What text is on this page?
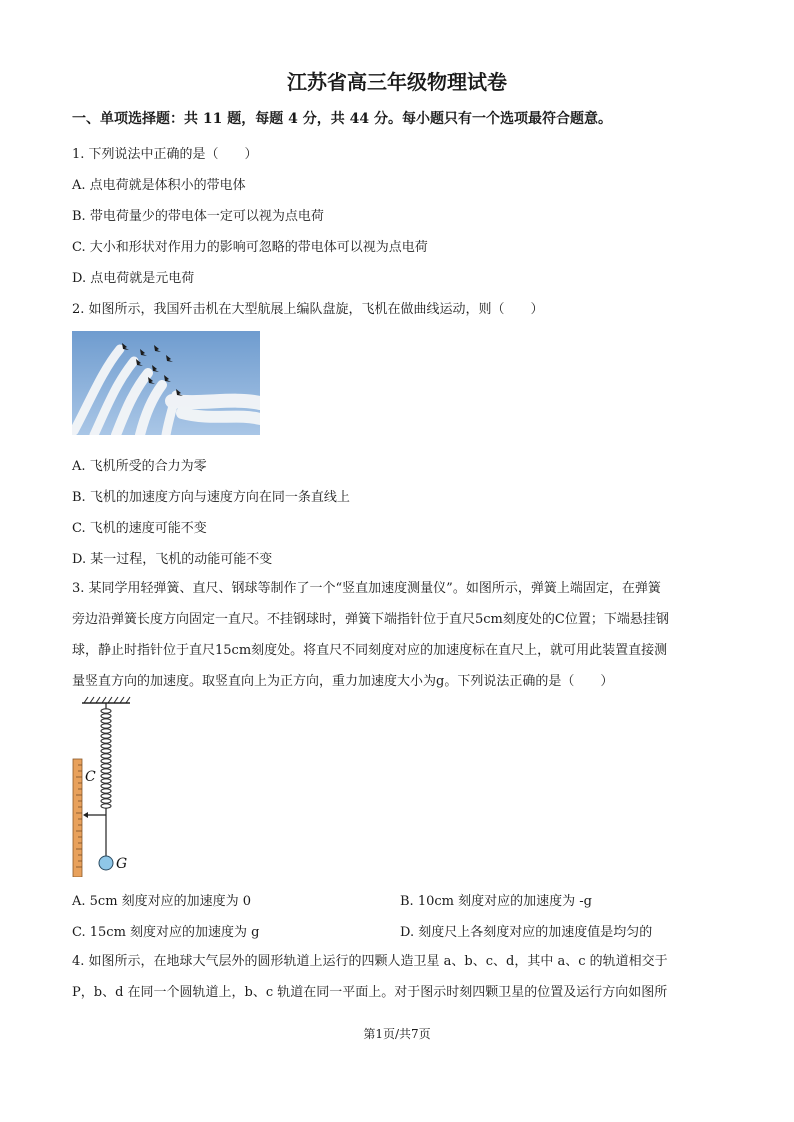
江苏省高三年级物理试卷
一、单项选择题：共 11 题，每题 4 分，共 44 分。每小题只有一个选项最符合题意。
1. 下列说法中正确的是（　　）
A. 点电荷就是体积小的带电体
B. 带电荷量少的带电体一定可以视为点电荷
C. 大小和形状对作用力的影响可忽略的带电体可以视为点电荷
D. 点电荷就是元电荷
2. 如图所示，我国歼击机在大型航展上编队盘旋，飞机在做曲线运动，则（　　）
A. 飞机所受的合力为零
B. 飞机的加速度方向与速度方向在同一条直线上
C. 飞机的速度可能不变
D. 某一过程，飞机的动能可能不变
3. 某同学用轻弹簧、直尺、钢球等制作了一个“竖直加速度测量仪”。如图所示，弹簧上端固定，在弹簧
旁边沿弹簧长度方向固定一直尺。不挂钢球时，弹簧下端指针位于直尺5cm刻度处的C位置；下端悬挂钢
球，静止时指针位于直尺15cm刻度处。将直尺不同刻度对应的加速度标在直尺上，就可用此装置直接测
量竖直方向的加速度。取竖直向上为正方向，重力加速度大小为g。下列说法正确的是（　　）
C
G
A. 5cm 刻度对应的加速度为 0	B. 10cm 刻度对应的加速度为 -g
C. 15cm 刻度对应的加速度为 g	D. 刻度尺上各刻度对应的加速度值是均匀的
4. 如图所示，在地球大气层外的圆形轨道上运行的四颗人造卫星 a、b、c、d，其中 a、c 的轨道相交于
P，b、d 在同一个圆轨道上，b、c 轨道在同一平面上。对于图示时刻四颗卫星的位置及运行方向如图所
第1页/共7页
